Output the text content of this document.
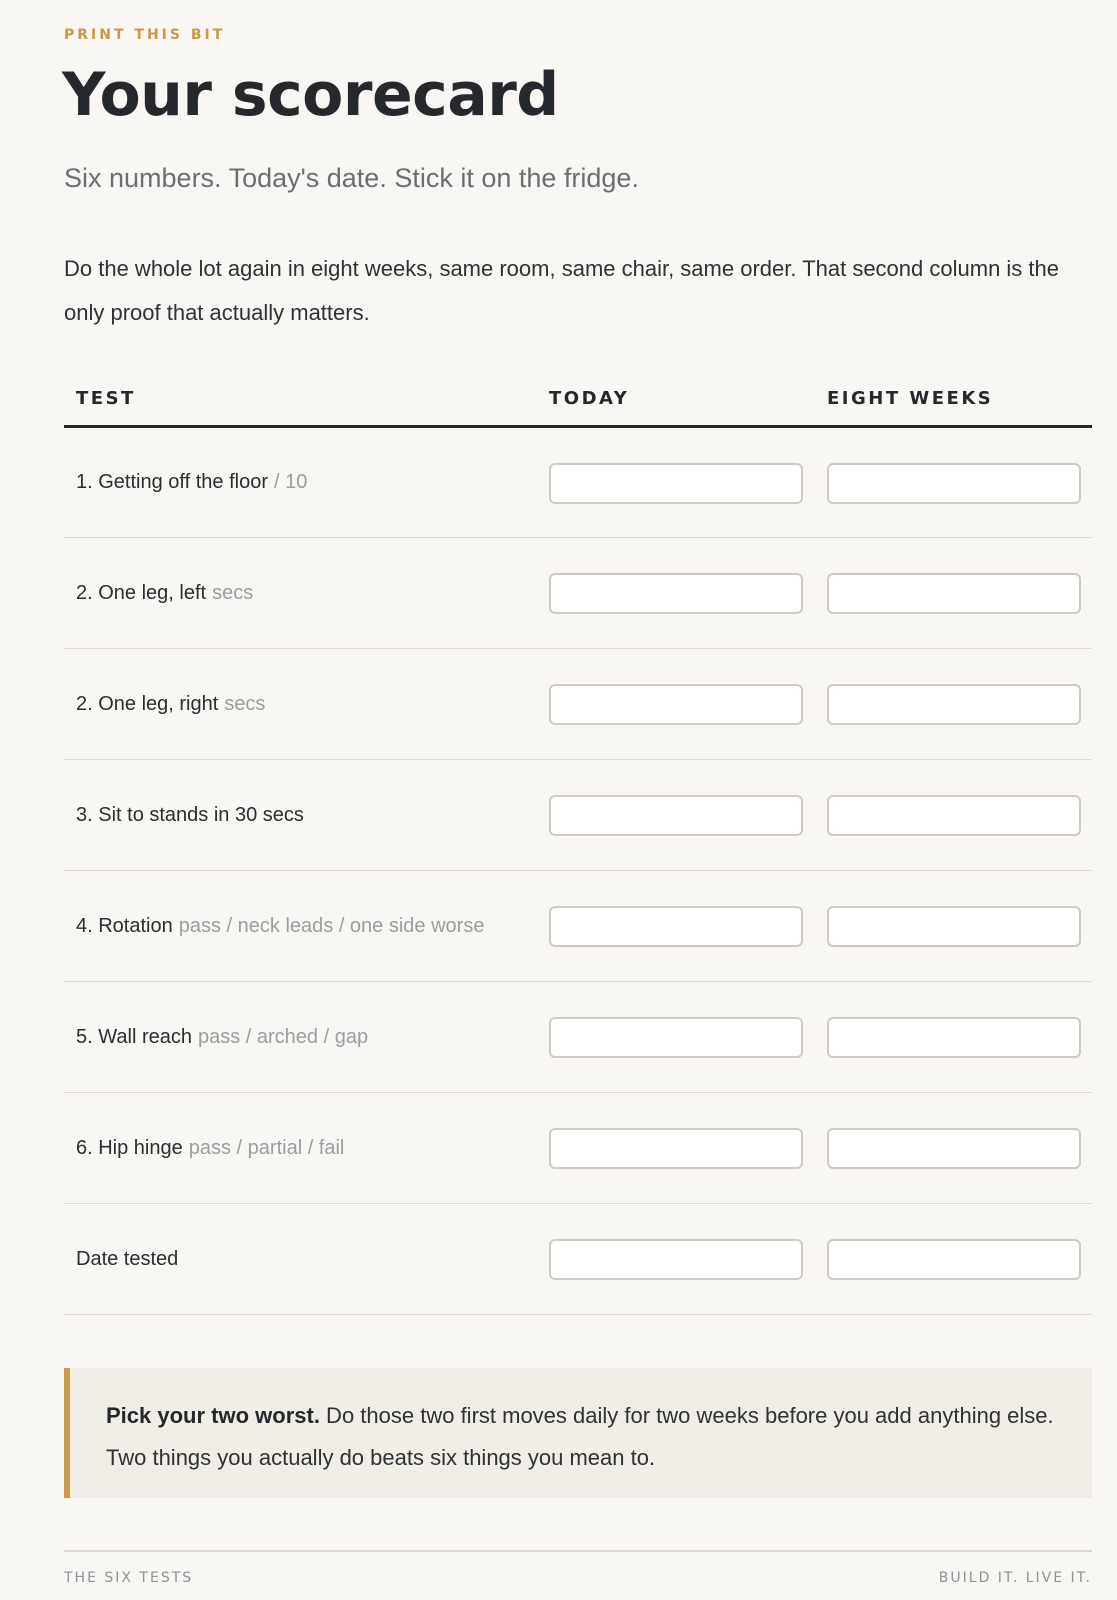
PRINT THIS BIT
Your scorecard
Six numbers. Today's date. Stick it on the fridge.

Do the whole lot again in eight weeks, same room, same chair, same order. That second column is the only proof that actually matters.

TEST	TODAY	EIGHT WEEKS
1. Getting off the floor / 10
2. One leg, left secs
2. One leg, right secs
3. Sit to stands in 30 secs
4. Rotation pass / neck leads / one side worse
5. Wall reach pass / arched / gap
6. Hip hinge pass / partial / fail
Date tested
Pick your two worst. Do those two first moves daily for two weeks before you add anything else. Two things you actually do beats six things you mean to.
THE SIX TESTS	BUILD IT. LIVE IT.
